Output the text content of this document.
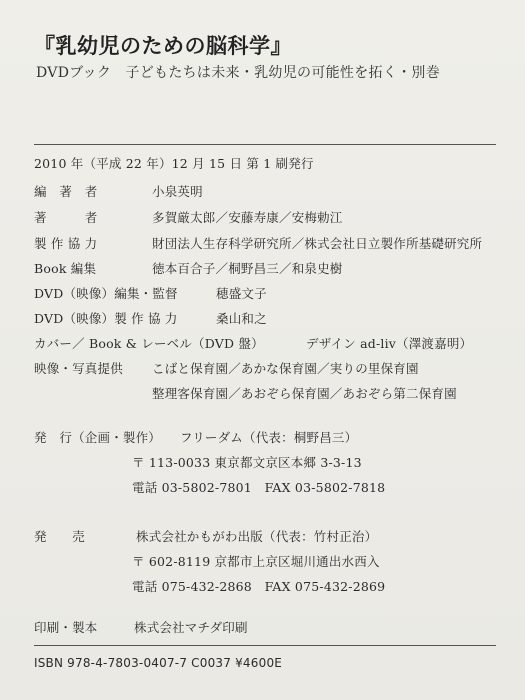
『乳幼児のための脳科学』
DVDブック　子どもたちは未来・乳幼児の可能性を拓く・別巻
2010 年（平成 22 年）12 月 15 日 第 1 刷発行
編　著　者	小泉英明
著　　　者	多賀厳太郎／安藤寿康／安梅勅江
製 作 協 力	財団法人生存科学研究所／株式会社日立製作所基礎研究所
Book 編集	徳本百合子／桐野昌三／和泉史樹
DVD（映像）編集・監督	穂盛文子
DVD（映像）製 作 協 力	桑山和之
カバー／ Book & レーベル（DVD 盤）	デザイン ad-liv（澤渡嘉明）
映像・写真提供 こばと保育園／あかな保育園／実りの里保育園
整理客保育園／あおぞら保育園／あおぞら第二保育園
発　行（企画・製作） フリーダム（代表：桐野昌三）
〒 113-0033 東京都文京区本郷 3-3-13
電話 03-5802-7801　FAX 03-5802-7818
発　　売	株式会社かもがわ出版（代表：竹村正治）
〒 602-8119 京都市上京区堀川通出水西入
電話 075-432-2868　FAX 075-432-2869
印刷・製本	株式会社マチダ印刷
ISBN 978-4-7803-0407-7 C0037 ¥4600E
